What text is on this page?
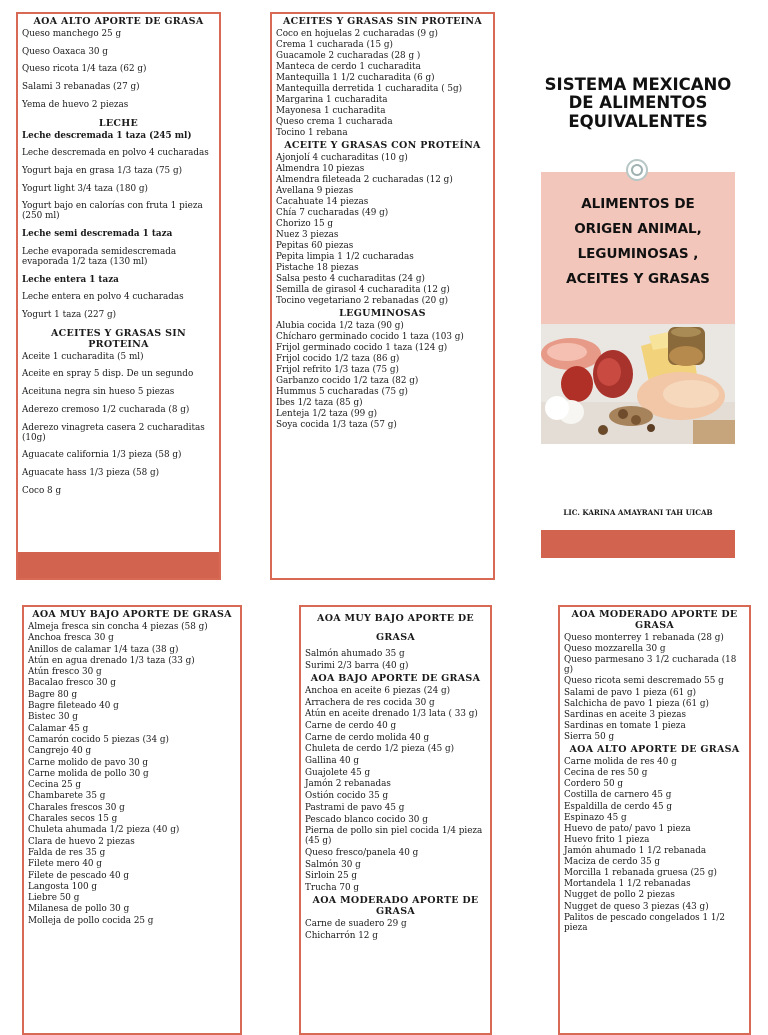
AOA ALTO APORTE DE GRASA

Queso manchego 25 g

Queso Oaxaca 30 g

Queso ricota 1/4 taza (62 g)

Salami 3 rebanadas (27 g)

Yema de huevo 2 piezas

LECHE

Leche descremada 1 taza (245 ml)

Leche descremada en polvo 4 cucharadas

Yogurt baja en grasa 1/3 taza (75 g)

Yogurt light 3/4 taza (180 g)

Yogurt bajo en calorías con fruta 1 pieza (250 ml)

Leche semi descremada 1 taza

Leche evaporada semidescremada evaporada 1/2 taza (130 ml)

Leche entera 1 taza

Leche entera en polvo 4 cucharadas

Yogurt 1 taza (227 g)

ACEITES Y GRASAS SIN PROTEINA

Aceite 1 cucharadita (5 ml)

Aceite en spray 5 disp. De un segundo

Aceituna negra sin hueso 5 piezas

Aderezo cremoso 1/2 cucharada (8 g)

Aderezo vinagreta casera 2 cucharaditas (10g)

Aguacate california 1/3 pieza (58 g)

Aguacate hass 1/3 pieza (58 g)

Coco 8 g

ACEITES Y GRASAS SIN PROTEINA

Coco en hojuelas 2 cucharadas (9 g)

Crema 1 cucharada (15 g)

Guacamole 2 cucharadas (28 g )

Manteca de cerdo 1 cucharadita

Mantequilla 1 1/2 cucharadita (6 g)

Mantequilla derretida 1 cucharadita ( 5g)

Margarina 1 cucharadita

Mayonesa 1 cucharadita

Queso crema 1 cucharada

Tocino 1 rebana

ACEITE Y GRASAS CON PROTEÍNA

Ajonjolí 4 cucharaditas (10 g)

Almendra 10 piezas

Almendra fileteada 2 cucharadas (12 g)

Avellana 9 piezas

Cacahuate 14 piezas

Chía 7 cucharadas (49 g)

Chorizo 15 g

Nuez 3 piezas

Pepitas 60 piezas

Pepita limpia 1 1/2 cucharadas

Pistache 18 piezas

Salsa pesto 4 cucharaditas (24 g)

Semilla de girasol 4 cucharadita (12 g)

Tocino vegetariano 2 rebanadas (20 g)

LEGUMINOSAS

Alubia cocida 1/2 taza (90 g)

Chícharo germinado cocido 1 taza (103 g)

Frijol germinado cocido 1 taza (124 g)

Frijol cocido 1/2 taza (86 g)

Frijol refrito 1/3 taza (75 g)

Garbanzo cocido 1/2 taza (82 g)

Hummus 5 cucharadas (75 g)

Ibes 1/2 taza (85 g)

Lenteja 1/2 taza (99 g)

Soya cocida 1/3 taza (57 g)

SISTEMA MEXICANO DE ALIMENTOS EQUIVALENTES
ALIMENTOS DE
ORIGEN ANIMAL,
LEGUMINOSAS ,
ACEITES Y GRASAS
LIC. KARINA AMAYRANI TAH UICAB

AOA MUY BAJO APORTE DE GRASA

Almeja fresca sin concha 4 piezas (58 g)

Anchoa fresca 30 g

Anillos de calamar 1/4 taza (38 g)

Atún en agua drenado 1/3 taza (33 g)

Atún fresco 30 g

Bacalao fresco 30 g

Bagre 80 g

Bagre fileteado 40 g

Bistec 30 g

Calamar 45 g

Camarón cocido 5 piezas (34 g)

Cangrejo 40 g

Carne molido de pavo 30 g

Carne molida de pollo 30 g

Cecina 25 g

Chambarete 35 g

Charales frescos 30 g

Charales secos 15 g

Chuleta ahumada 1/2 pieza (40 g)

Clara de huevo 2 piezas

Falda de res 35 g

Filete mero 40 g

Filete de pescado 40 g

Langosta 100 g

Liebre 50 g

Milanesa de pollo 30 g

Molleja de pollo cocida 25 g

AOA MUY BAJO APORTE DE GRASA

Salmón ahumado 35 g

Surimi 2/3 barra (40 g)

AOA BAJO APORTE DE GRASA

Anchoa en aceite 6 piezas (24 g)

Arrachera de res cocida 30 g

Atún en aceite drenado 1/3 lata ( 33 g)

Carne de cerdo 40 g

Carne de cerdo molida 40 g

Chuleta de cerdo 1/2 pieza (45 g)

Gallina 40 g

Guajolete 45 g

Jamón 2 rebanadas

Ostión cocido 35 g

Pastrami de pavo 45 g

Pescado blanco cocido 30 g

Pierna de pollo sin piel cocida 1/4 pieza (45 g)

Queso fresco/panela 40 g

Salmón 30 g

Sirloin 25 g

Trucha 70 g

AOA MODERADO APORTE DE GRASA

Carne de suadero 29 g

Chicharrón 12 g

AOA MODERADO APORTE DE GRASA

Queso monterrey 1 rebanada (28 g)

Queso mozzarella 30 g

Queso parmesano 3 1/2 cucharada (18 g)

Queso ricota semi descremado 55 g

Salami de pavo 1 pieza (61 g)

Salchicha de pavo 1 pieza (61 g)

Sardinas en aceite 3 piezas

Sardinas en tomate 1 pieza

Sierra 50 g

AOA ALTO APORTE DE GRASA

Carne molida de res 40 g

Cecina de res 50 g

Cordero 50 g

Costilla de carnero 45 g

Espaldilla de cerdo 45 g

Espinazo 45 g

Huevo de pato/ pavo 1 pieza

Huevo frito 1 pieza

Jamón ahumado 1 1/2 rebanada

Maciza de cerdo 35 g

Morcilla 1 rebanada gruesa (25 g)

Mortandela 1 1/2 rebanadas

Nugget de pollo 2 piezas

Nugget de queso 3 piezas (43 g)

Palitos de pescado congelados 1 1/2 pieza
